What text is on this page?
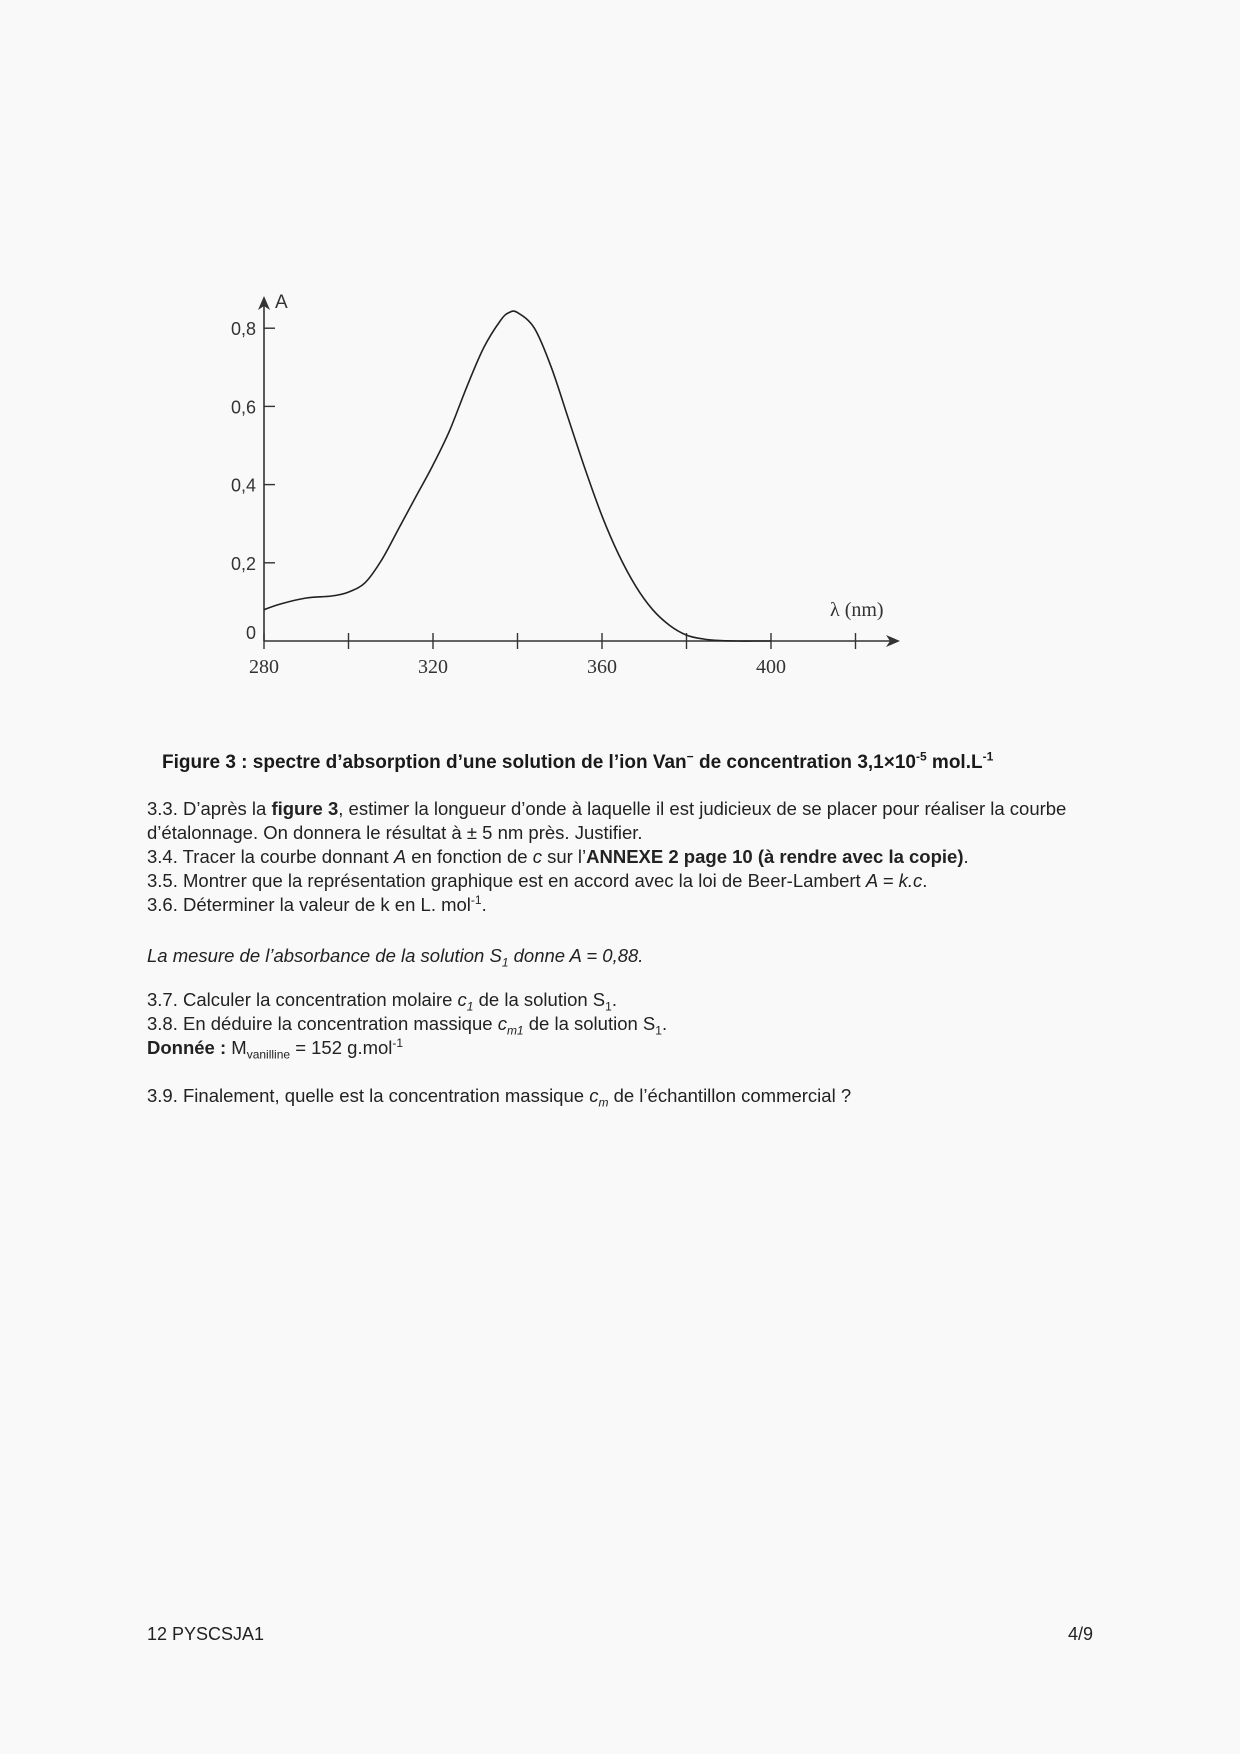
A
λ (nm)
280	320	360	400
0
0,2
0,4
0,6
0,8
Figure 3 : spectre d’absorption d’une solution de l’ion Van− de concentration $3,1\times 10^{-5}$ $mol.L^{-1}$
3.3. D’après la figure 3, estimer la longueur d’onde à laquelle il est judicieux de se placer pour réaliser la courbe d’étalonnage. On donnera le résultat à ± 5 nm près. Justifier.
3.4. Tracer la courbe donnant A en fonction de c sur l’ANNEXE 2 page 10 (à rendre avec la copie).
3.5. Montrer que la représentation graphique est en accord avec la loi de Beer-Lambert A = k.c.
3.6. Déterminer la valeur de k en L. mol$^{-1}$.
La mesure de l’absorbance de la solution $S_1$ donne A = 0,88.
3.7. Calculer la concentration molaire $c_1$ de la solution $S_1$.
3.8. En déduire la concentration massique $c_{m1}$ de la solution $S_1$.
Donnée : $M_{vanilline} = 152$ g.mol$^{-1}$
3.9. Finalement, quelle est la concentration massique $c_m$ de l’échantillon commercial ?
12 PYSCSJA1	4/9
